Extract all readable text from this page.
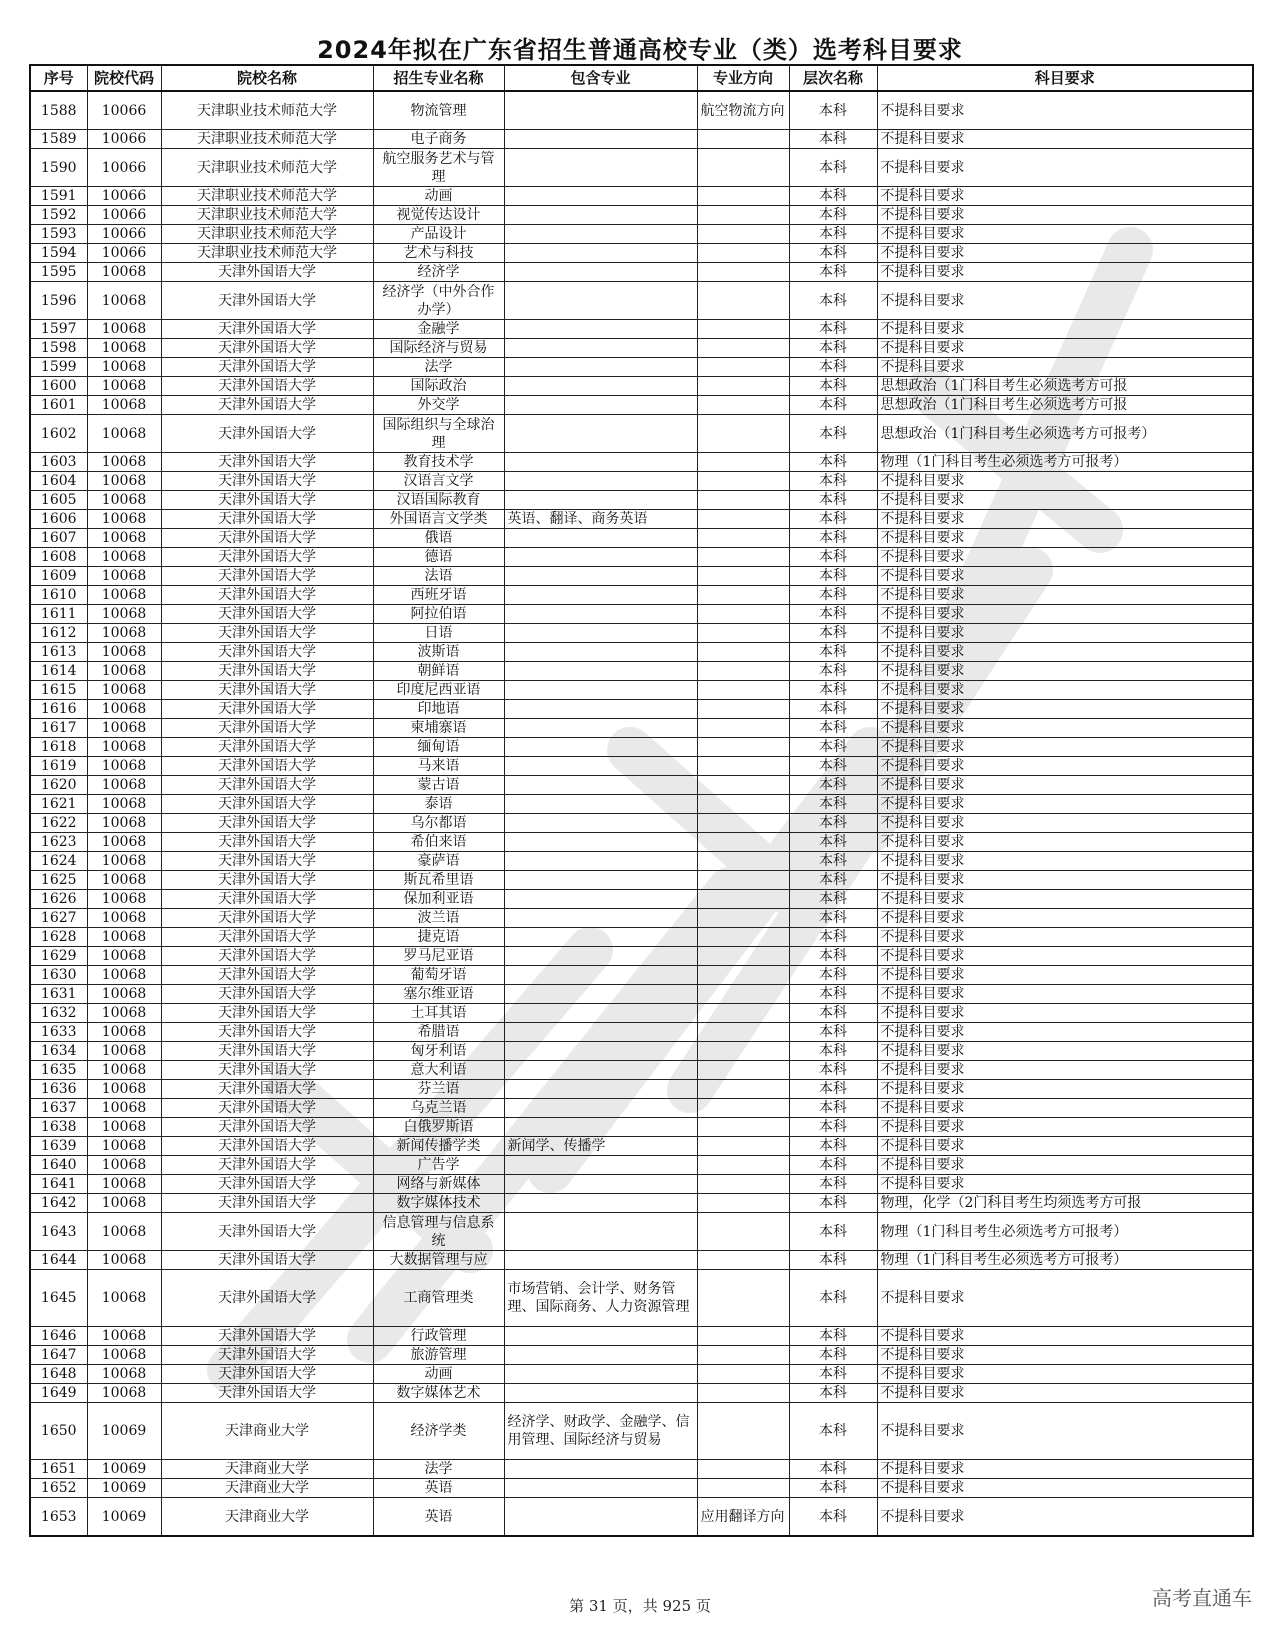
2024年拟在广东省招生普通高校专业（类）选考科目要求
序号	院校代码	院校名称	招生专业名称	包含专业	专业方向	层次名称	科目要求
1588	10066	天津职业技术师范大学	物流管理		航空物流方向	本科	不提科目要求
1589	10066	天津职业技术师范大学	电子商务			本科	不提科目要求
1590	10066	天津职业技术师范大学	航空服务艺术与管理			本科	不提科目要求
1591	10066	天津职业技术师范大学	动画			本科	不提科目要求
1592	10066	天津职业技术师范大学	视觉传达设计			本科	不提科目要求
1593	10066	天津职业技术师范大学	产品设计			本科	不提科目要求
1594	10066	天津职业技术师范大学	艺术与科技			本科	不提科目要求
1595	10068	天津外国语大学	经济学			本科	不提科目要求
1596	10068	天津外国语大学	经济学（中外合作办学）			本科	不提科目要求
1597	10068	天津外国语大学	金融学			本科	不提科目要求
1598	10068	天津外国语大学	国际经济与贸易			本科	不提科目要求
1599	10068	天津外国语大学	法学			本科	不提科目要求
1600	10068	天津外国语大学	国际政治			本科	思想政治（1门科目考生必须选考方可报
1601	10068	天津外国语大学	外交学			本科	思想政治（1门科目考生必须选考方可报
1602	10068	天津外国语大学	国际组织与全球治理			本科	思想政治（1门科目考生必须选考方可报考）
1603	10068	天津外国语大学	教育技术学			本科	物理（1门科目考生必须选考方可报考）
1604	10068	天津外国语大学	汉语言文学			本科	不提科目要求
1605	10068	天津外国语大学	汉语国际教育			本科	不提科目要求
1606	10068	天津外国语大学	外国语言文学类	英语、翻译、商务英语		本科	不提科目要求
1607	10068	天津外国语大学	俄语			本科	不提科目要求
1608	10068	天津外国语大学	德语			本科	不提科目要求
1609	10068	天津外国语大学	法语			本科	不提科目要求
1610	10068	天津外国语大学	西班牙语			本科	不提科目要求
1611	10068	天津外国语大学	阿拉伯语			本科	不提科目要求
1612	10068	天津外国语大学	日语			本科	不提科目要求
1613	10068	天津外国语大学	波斯语			本科	不提科目要求
1614	10068	天津外国语大学	朝鲜语			本科	不提科目要求
1615	10068	天津外国语大学	印度尼西亚语			本科	不提科目要求
1616	10068	天津外国语大学	印地语			本科	不提科目要求
1617	10068	天津外国语大学	柬埔寨语			本科	不提科目要求
1618	10068	天津外国语大学	缅甸语			本科	不提科目要求
1619	10068	天津外国语大学	马来语			本科	不提科目要求
1620	10068	天津外国语大学	蒙古语			本科	不提科目要求
1621	10068	天津外国语大学	泰语			本科	不提科目要求
1622	10068	天津外国语大学	乌尔都语			本科	不提科目要求
1623	10068	天津外国语大学	希伯来语			本科	不提科目要求
1624	10068	天津外国语大学	豪萨语			本科	不提科目要求
1625	10068	天津外国语大学	斯瓦希里语			本科	不提科目要求
1626	10068	天津外国语大学	保加利亚语			本科	不提科目要求
1627	10068	天津外国语大学	波兰语			本科	不提科目要求
1628	10068	天津外国语大学	捷克语			本科	不提科目要求
1629	10068	天津外国语大学	罗马尼亚语			本科	不提科目要求
1630	10068	天津外国语大学	葡萄牙语			本科	不提科目要求
1631	10068	天津外国语大学	塞尔维亚语			本科	不提科目要求
1632	10068	天津外国语大学	土耳其语			本科	不提科目要求
1633	10068	天津外国语大学	希腊语			本科	不提科目要求
1634	10068	天津外国语大学	匈牙利语			本科	不提科目要求
1635	10068	天津外国语大学	意大利语			本科	不提科目要求
1636	10068	天津外国语大学	芬兰语			本科	不提科目要求
1637	10068	天津外国语大学	乌克兰语			本科	不提科目要求
1638	10068	天津外国语大学	白俄罗斯语			本科	不提科目要求
1639	10068	天津外国语大学	新闻传播学类	新闻学、传播学		本科	不提科目要求
1640	10068	天津外国语大学	广告学			本科	不提科目要求
1641	10068	天津外国语大学	网络与新媒体			本科	不提科目要求
1642	10068	天津外国语大学	数字媒体技术			本科	物理，化学（2门科目考生均须选考方可报
1643	10068	天津外国语大学	信息管理与信息系统			本科	物理（1门科目考生必须选考方可报考）
1644	10068	天津外国语大学	大数据管理与应			本科	物理（1门科目考生必须选考方可报考）
1645	10068	天津外国语大学	工商管理类	市场营销、会计学、财务管理、国际商务、人力资源管理		本科	不提科目要求
1646	10068	天津外国语大学	行政管理			本科	不提科目要求
1647	10068	天津外国语大学	旅游管理			本科	不提科目要求
1648	10068	天津外国语大学	动画			本科	不提科目要求
1649	10068	天津外国语大学	数字媒体艺术			本科	不提科目要求
1650	10069	天津商业大学	经济学类	经济学、财政学、金融学、信用管理、国际经济与贸易		本科	不提科目要求
1651	10069	天津商业大学	法学			本科	不提科目要求
1652	10069	天津商业大学	英语			本科	不提科目要求
1653	10069	天津商业大学	英语		应用翻译方向	本科	不提科目要求
第 31 页，共 925 页	高考直通车
